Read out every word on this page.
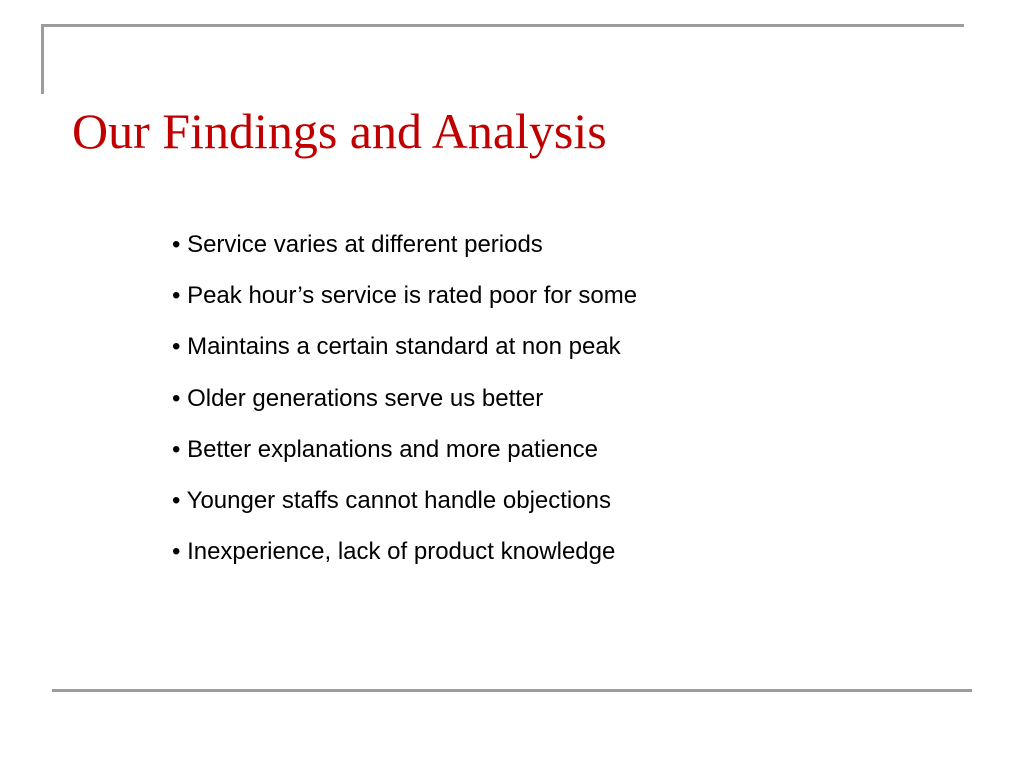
Our Findings and Analysis
• Service varies at different periods
• Peak hour’s service is rated poor for some
• Maintains a certain standard at non peak
• Older generations serve us better
• Better explanations and more patience
• Younger staffs cannot handle objections
• Inexperience, lack of product knowledge
